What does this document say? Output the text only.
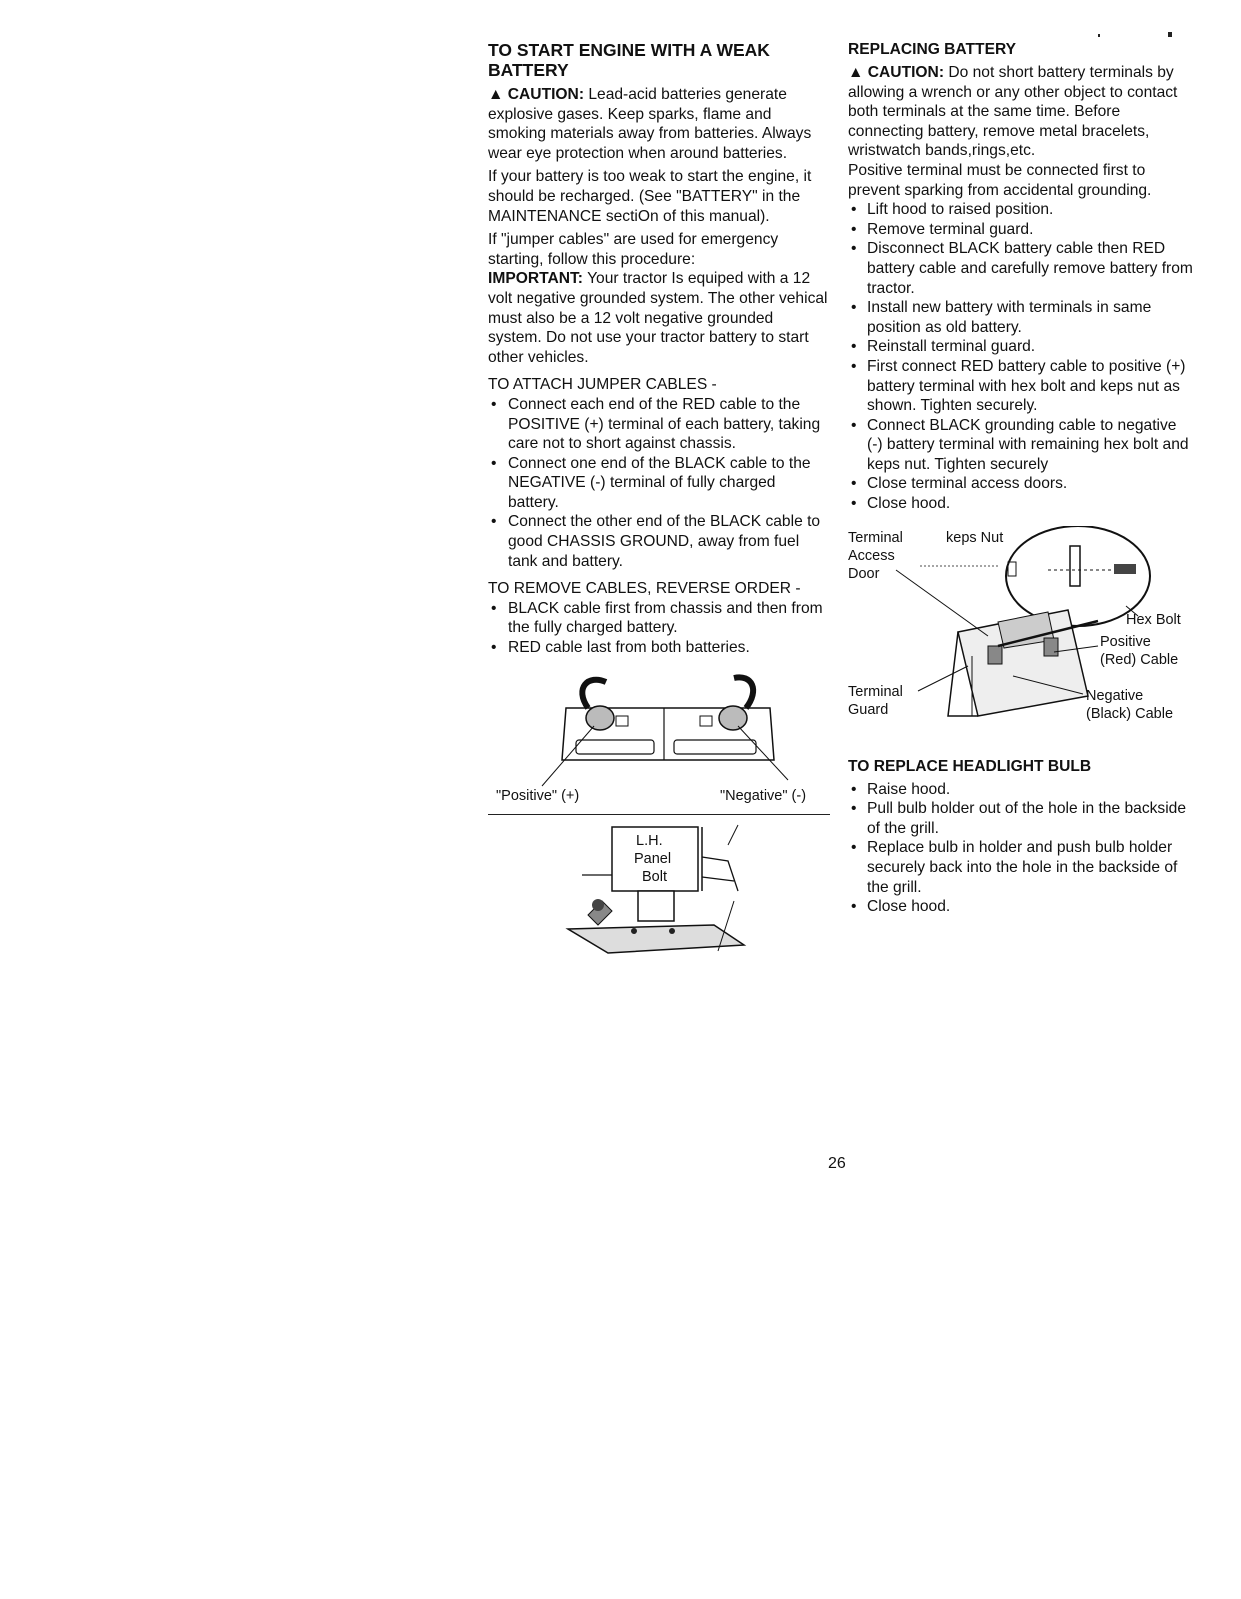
TO START ENGINE WITH A WEAK BATTERY

▲ CAUTION: Lead-acid batteries generate explosive gases. Keep sparks, flame and smoking materials away from batteries. Always wear eye protection when around batteries.

If your battery is too weak to start the engine, it should be recharged. (See "BATTERY" in the MAINTENANCE sectiOn of this manual).

If "jumper cables" are used for emergency starting, follow this procedure:

IMPORTANT: Your tractor Is equiped with a 12 volt negative grounded system. The other vehical must also be a 12 volt negative grounded system. Do not use your tractor battery to start other vehicles.

TO ATTACH JUMPER CABLES -

• Connect each end of the RED cable to the POSITIVE (+) terminal of each battery, taking care not to short against chassis.
• Connect one end of the BLACK cable to the NEGATIVE (-) terminal of fully charged battery.
• Connect the other end of the BLACK cable to good CHASSIS GROUND, away from fuel tank and battery.

TO REMOVE CABLES, REVERSE ORDER -

• BLACK cable first from chassis and then from the fully charged battery.
• RED cable last from both batteries.
"Positive" (+)	"Negative" (-)
L.H.
Panel
Bolt
REPLACING BATTERY

▲ CAUTION: Do not short battery terminals by allowing a wrench or any other object to contact both terminals at the same time. Before connecting battery, remove metal bracelets, wristwatch bands,rings,etc.

Positive terminal must be connected first to prevent sparking from accidental grounding.

• Lift hood to raised position.
• Remove terminal guard.
• Disconnect BLACK battery cable then RED battery cable and carefully remove battery from tractor.
• Install new battery with terminals in same position as old battery.
• Reinstall terminal guard.
• First connect RED battery cable to positive (+) battery terminal with hex bolt and keps nut as shown. Tighten securely.
• Connect BLACK grounding cable to negative (-) battery terminal with remaining hex bolt and keps nut. Tighten securely
• Close terminal access doors.
• Close hood.
Terminal
Access
Door
keps Nut
Hex Bolt
Positive
(Red) Cable
Terminal
Guard
Negative
(Black) Cable
TO REPLACE HEADLIGHT BULB
• Raise hood.
• Pull bulb holder out of the hole in the backside of the grill.
• Replace bulb in holder and push bulb holder securely back into the hole in the backside of the grill.
• Close hood.
26
